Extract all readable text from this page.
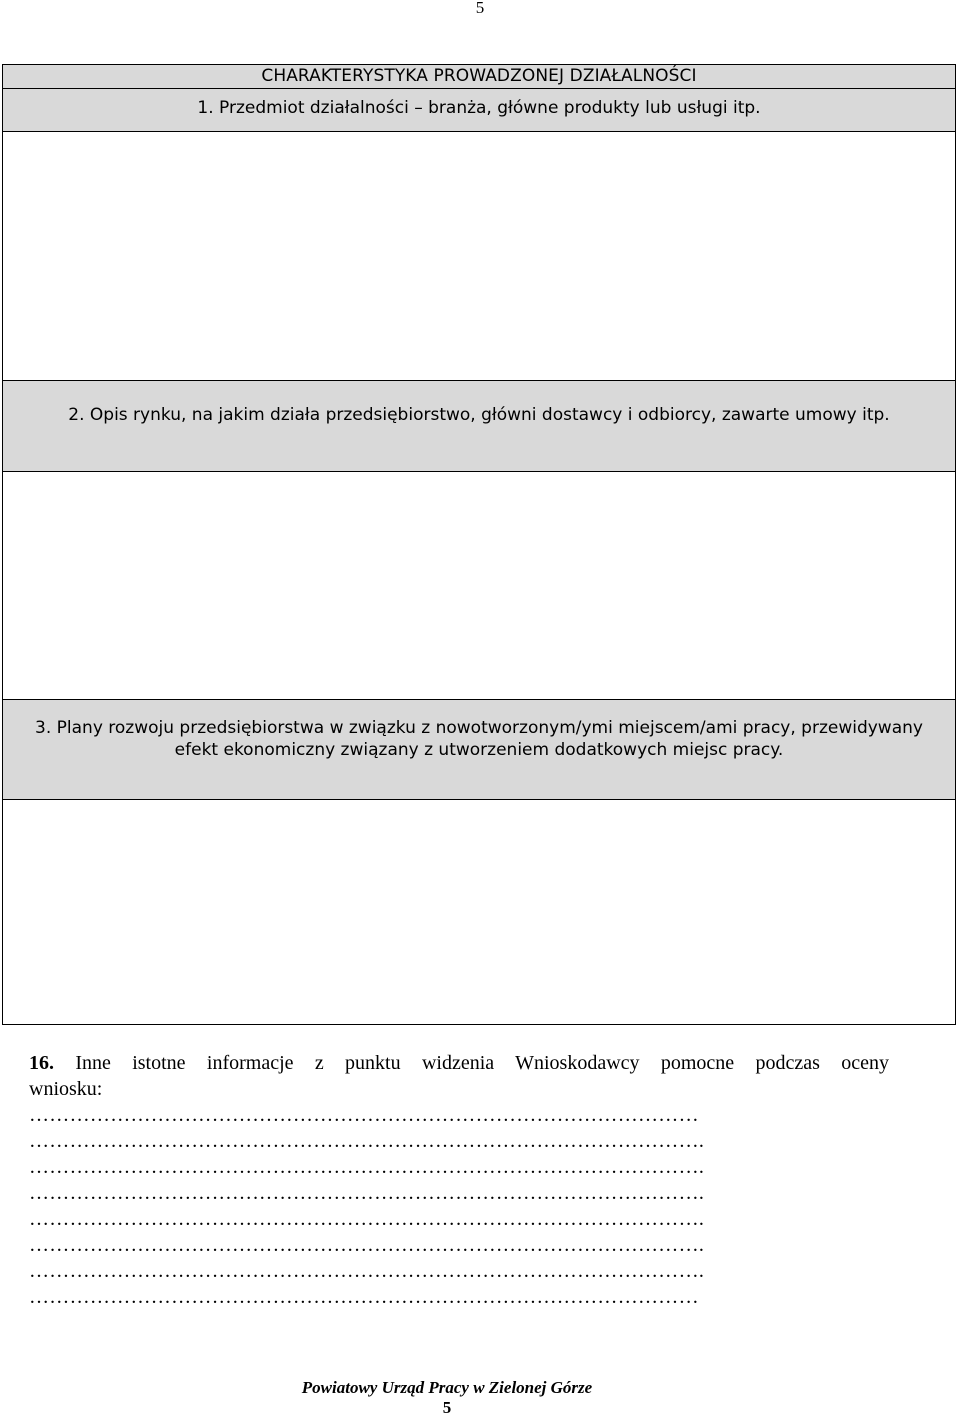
5
CHARAKTERYSTYKA PROWADZONEJ DZIAŁALNOŚCI
1. Przedmiot działalności – branża, główne produkty lub usługi itp.
2. Opis rynku, na jakim działa przedsiębiorstwo, główni dostawcy i odbiorcy, zawarte umowy itp.
3. Plany rozwoju przedsiębiorstwa w związku z nowotworzonym/ymi miejscem/ami pracy, przewidywany efekt ekonomiczny związany z utworzeniem dodatkowych miejsc pracy.
16. Inne istotne informacje z punktu widzenia Wnioskodawcy pomocne podczas oceny
wniosku:
………………………………………………………………………………………
……………………………………………………………………………………….
……………………………………………………………………………………….
……………………………………………………………………………………….
……………………………………………………………………………………….
……………………………………………………………………………………….
……………………………………………………………………………………….
………………………………………………………………………………………
Powiatowy Urząd Pracy w Zielonej Górze
5
